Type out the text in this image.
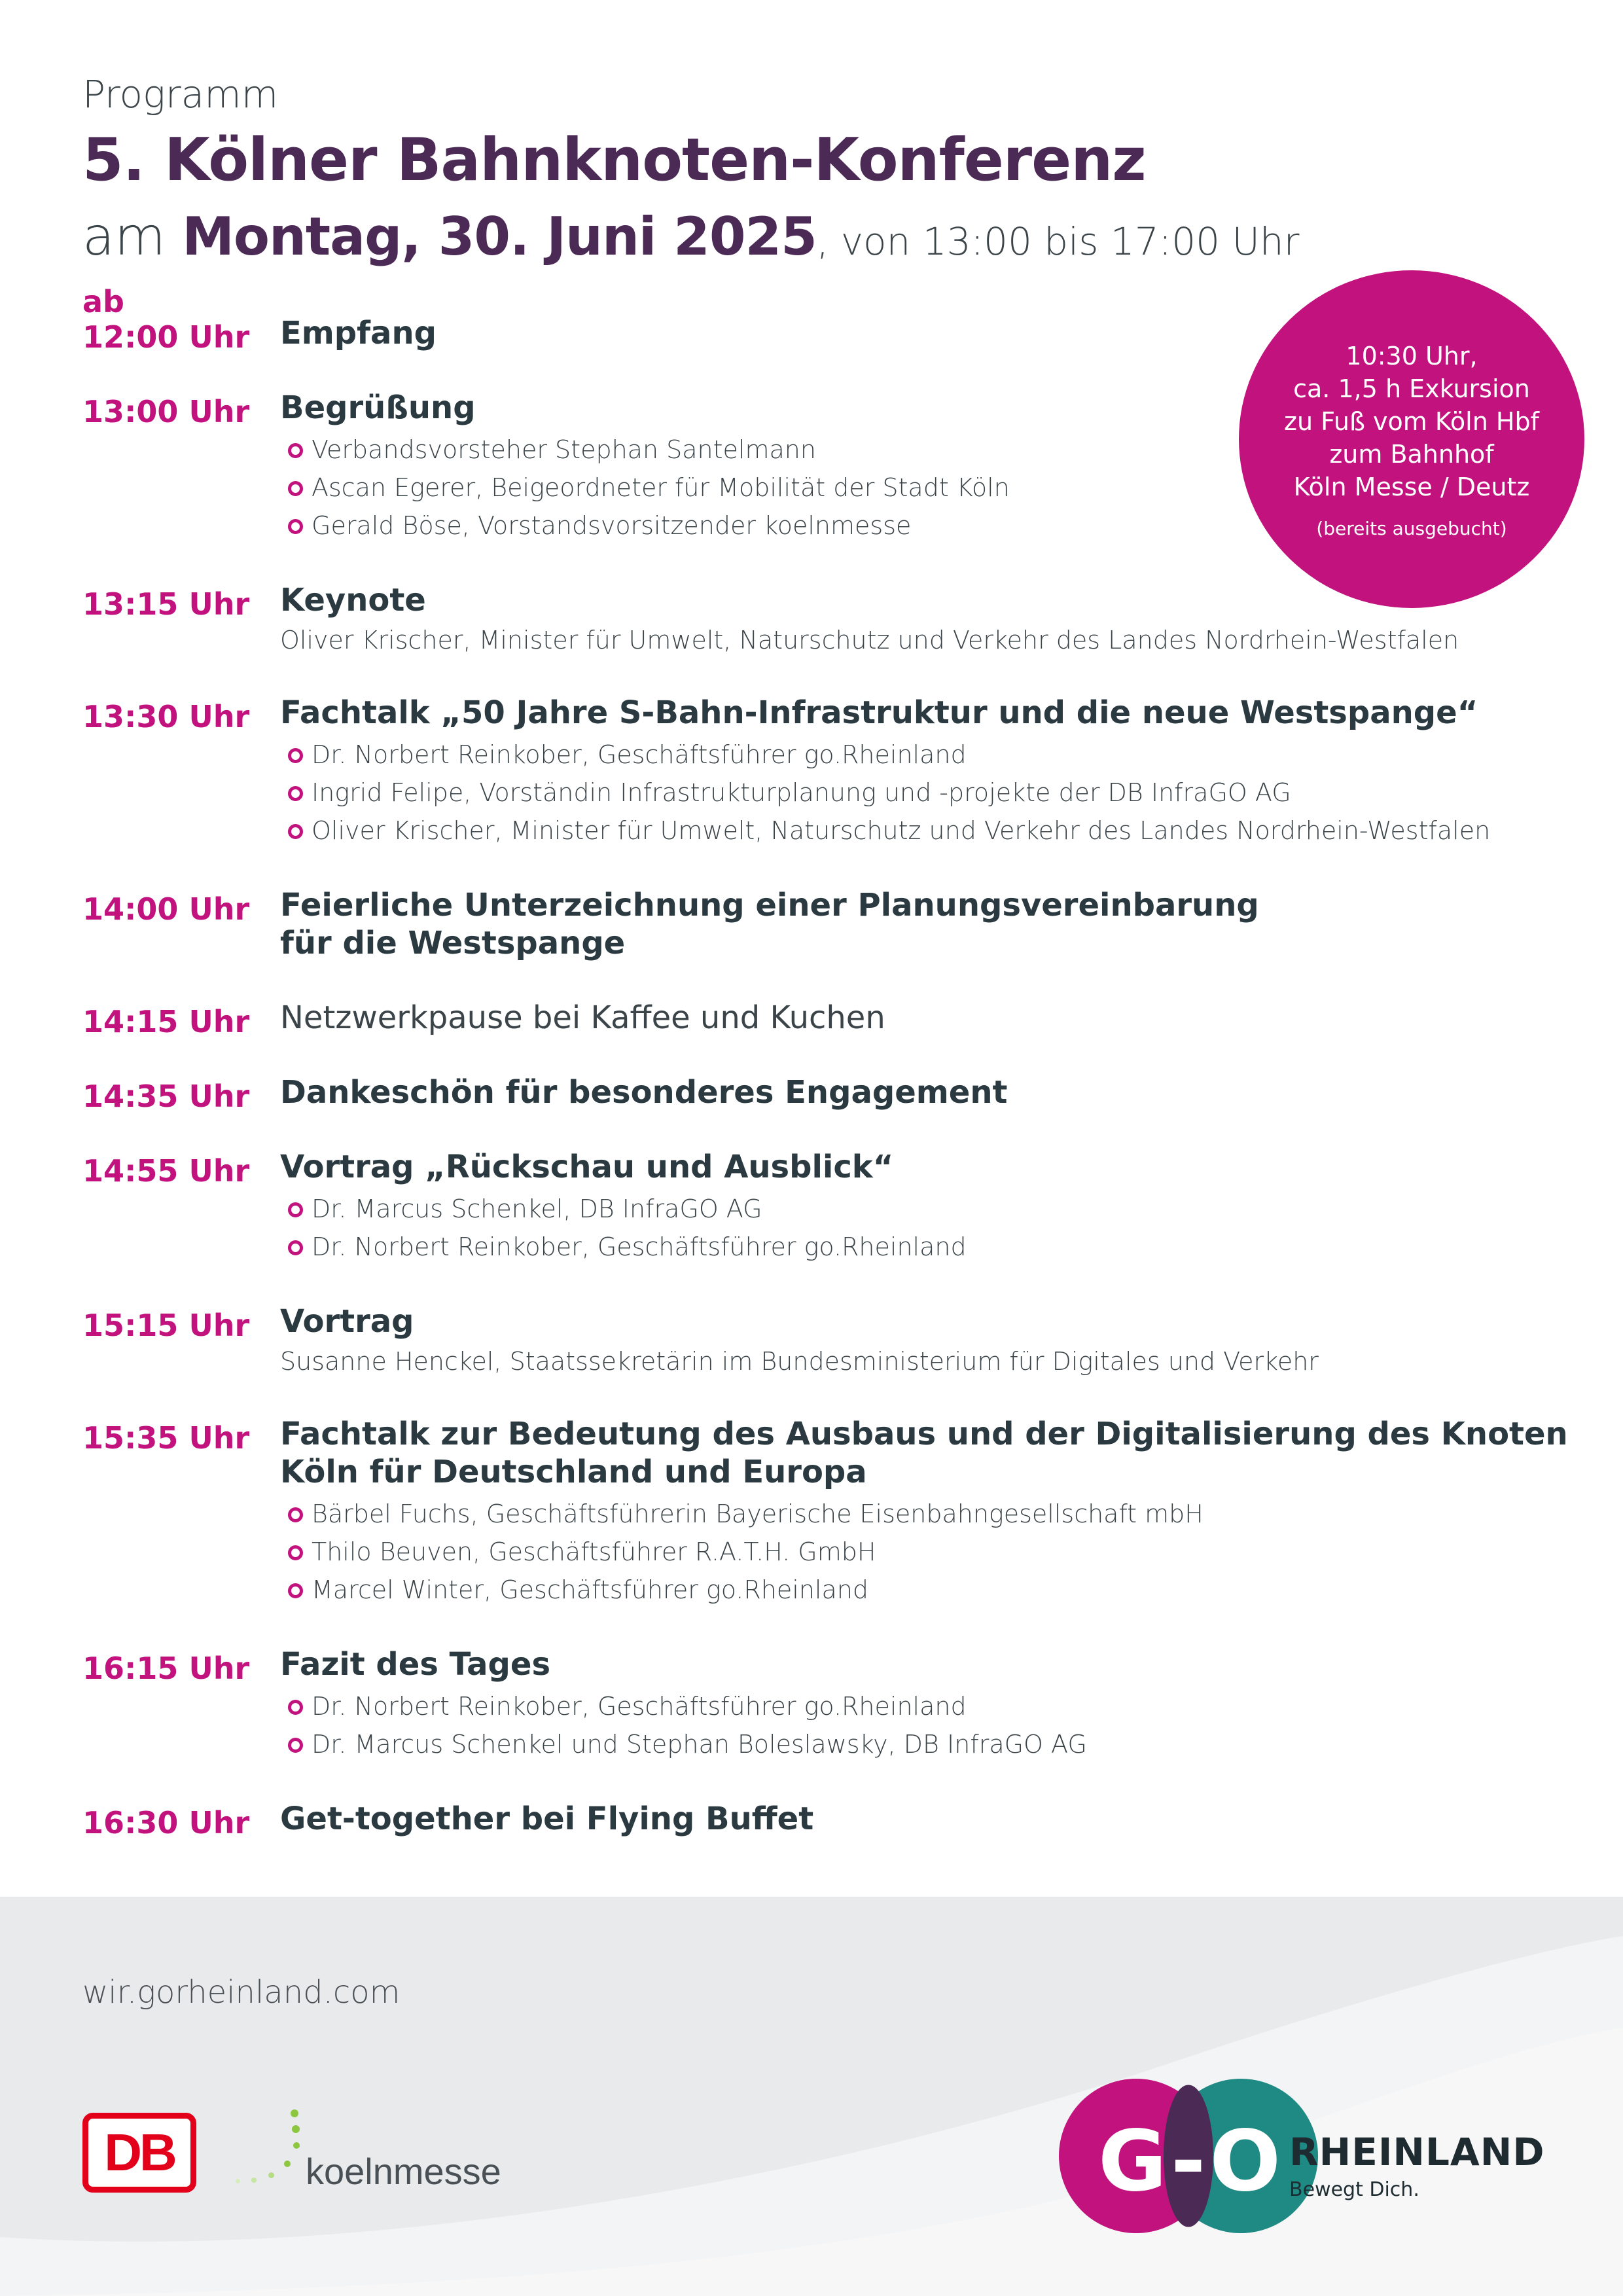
Programm
5. Kölner Bahnknoten-Konferenz
am Montag, 30. Juni 2025, von 13:00 bis 17:00 Uhr
10:30 Uhr,
ca. 1,5 h Exkursion
zu Fuß vom Köln Hbf
zum Bahnhof
Köln Messe / Deutz
(bereits ausgebucht)
ab
12:00 Uhr Empfang
13:00 Uhr Begrüßung
Verbandsvorsteher Stephan Santelmann
Ascan Egerer, Beigeordneter für Mobilität der Stadt Köln
Gerald Böse, Vorstandsvorsitzender koelnmesse
13:15 Uhr Keynote
Oliver Krischer, Minister für Umwelt, Naturschutz und Verkehr des Landes Nordrhein-Westfalen
13:30 Uhr Fachtalk „50 Jahre S-Bahn-Infrastruktur und die neue Westspange“
Dr. Norbert Reinkober, Geschäftsführer go.Rheinland
Ingrid Felipe, Vorständin Infrastrukturplanung und -projekte der DB InfraGO AG
Oliver Krischer, Minister für Umwelt, Naturschutz und Verkehr des Landes Nordrhein-Westfalen
14:00 Uhr Feierliche Unterzeichnung einer Planungsvereinbarung
für die Westspange
14:15 Uhr Netzwerkpause bei Kaffee und Kuchen
14:35 Uhr Dankeschön für besonderes Engagement
14:55 Uhr Vortrag „Rückschau und Ausblick“
Dr. Marcus Schenkel, DB InfraGO AG
Dr. Norbert Reinkober, Geschäftsführer go.Rheinland
15:15 Uhr Vortrag
Susanne Henckel, Staatssekretärin im Bundesministerium für Digitales und Verkehr
15:35 Uhr Fachtalk zur Bedeutung des Ausbaus und der Digitalisierung des Knoten
Köln für Deutschland und Europa
Bärbel Fuchs, Geschäftsführerin Bayerische Eisenbahngesellschaft mbH
Thilo Beuven, Geschäftsführer R.A.T.H. GmbH
Marcel Winter, Geschäftsführer go.Rheinland
16:15 Uhr Fazit des Tages
Dr. Norbert Reinkober, Geschäftsführer go.Rheinland
Dr. Marcus Schenkel und Stephan Boleslawsky, DB InfraGO AG
16:30 Uhr Get-together bei Flying Buffet
wir.gorheinland.com
DB	koelnmesse	G-O RHEINLAND
Bewegt Dich.
